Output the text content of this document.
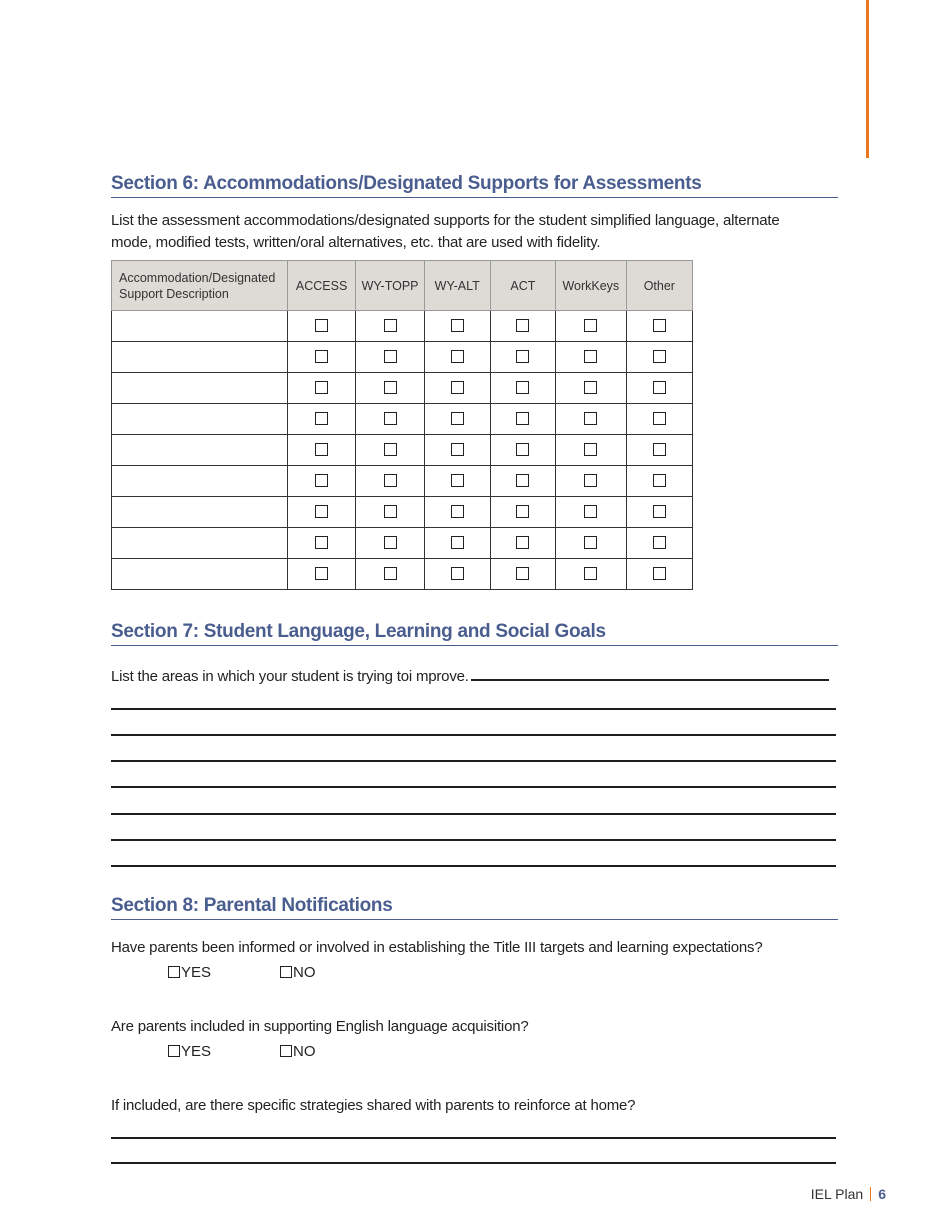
Section 6: Accommodations/Designated Supports for Assessments
List the assessment accommodations/designated supports for the student simplified language, alternate
mode, modified tests, written/oral alternatives, etc. that are used with fidelity.
Accommodation/Designated Support Description	ACCESS	WY-TOPP	WY-ALT	ACT	WorkKeys	Other

Section 7: Student Language, Learning and Social Goals
List the areas in which your student is trying toi mprove.
Section 8: Parental Notifications
Have parents been informed or involved in establishing the Title III targets and learning expectations?
YES	NO
Are parents included in supporting English language acquisition?
YES	NO
If included, are there specific strategies shared with parents to reinforce at home?
IEL Plan 6
